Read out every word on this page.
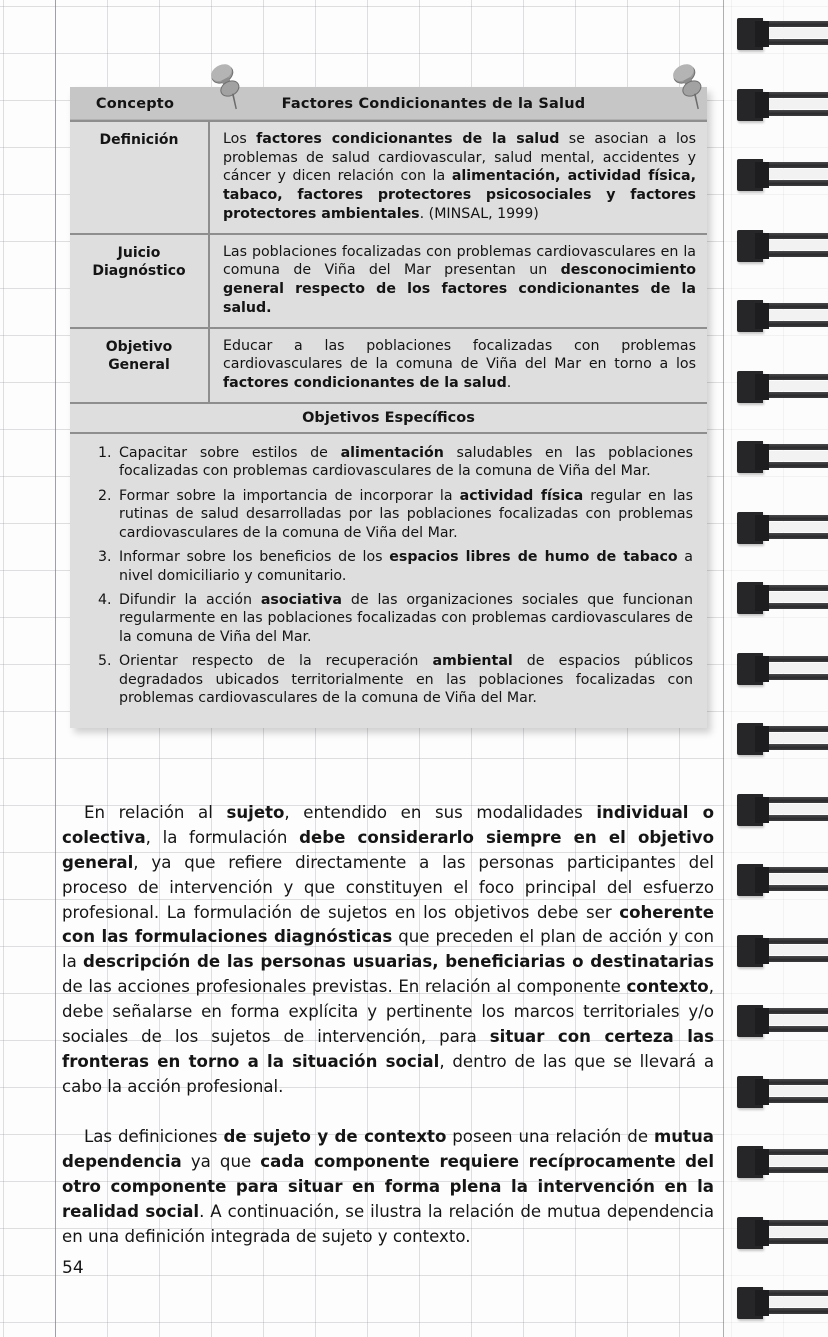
Concepto	Factores Condicionantes de la Salud
Definición	Los factores condicionantes de la salud se asocian a los problemas de salud cardiovascular, salud mental, accidentes y cáncer y dicen relación con la alimentación, actividad física, tabaco, factores protectores psicosociales y factores protectores ambientales. (MINSAL, 1999)
Juicio Diagnóstico
Las poblaciones focalizadas con problemas cardiovasculares en la comuna de Viña del Mar presentan un desconocimiento general respecto de los factores condicionantes de la salud.
Objetivo General
Educar a las poblaciones focalizadas con problemas cardiovasculares de la comuna de Viña del Mar en torno a los factores condicionantes de la salud.
Objetivos Específicos
1. Capacitar sobre estilos de alimentación saludables en las poblaciones focalizadas con problemas cardiovasculares de la comuna de Viña del Mar.
2. Formar sobre la importancia de incorporar la actividad física regular en las rutinas de salud desarrolladas por las poblaciones focalizadas con problemas cardiovasculares de la comuna de Viña del Mar.
3. Informar sobre los beneficios de los espacios libres de humo de tabaco a nivel domiciliario y comunitario.
4. Difundir la acción asociativa de las organizaciones sociales que funcionan regularmente en las poblaciones focalizadas con problemas cardiovasculares de la comuna de Viña del Mar.
5. Orientar respecto de la recuperación ambiental de espacios públicos degradados ubicados territorialmente en las poblaciones focalizadas con problemas cardiovasculares de la comuna de Viña del Mar.
En relación al sujeto, entendido en sus modalidades individual o colectiva, la formulación debe considerarlo siempre en el objetivo general, ya que refiere directamente a las personas participantes del proceso de intervención y que constituyen el foco principal del esfuerzo profesional. La formulación de sujetos en los objetivos debe ser coherente con las formulaciones diagnósticas que preceden el plan de acción y con la descripción de las personas usuarias, beneficiarias o destinatarias de las acciones profesionales previstas. En relación al componente contexto, debe señalarse en forma explícita y pertinente los marcos territoriales y/o sociales de los sujetos de intervención, para situar con certeza las fronteras en torno a la situación social, dentro de las que se llevará a cabo la acción profesional.
Las definiciones de sujeto y de contexto poseen una relación de mutua dependencia ya que cada componente requiere recíprocamente del otro componente para situar en forma plena la intervención en la realidad social. A continuación, se ilustra la relación de mutua dependencia en una definición integrada de sujeto y contexto.
54
